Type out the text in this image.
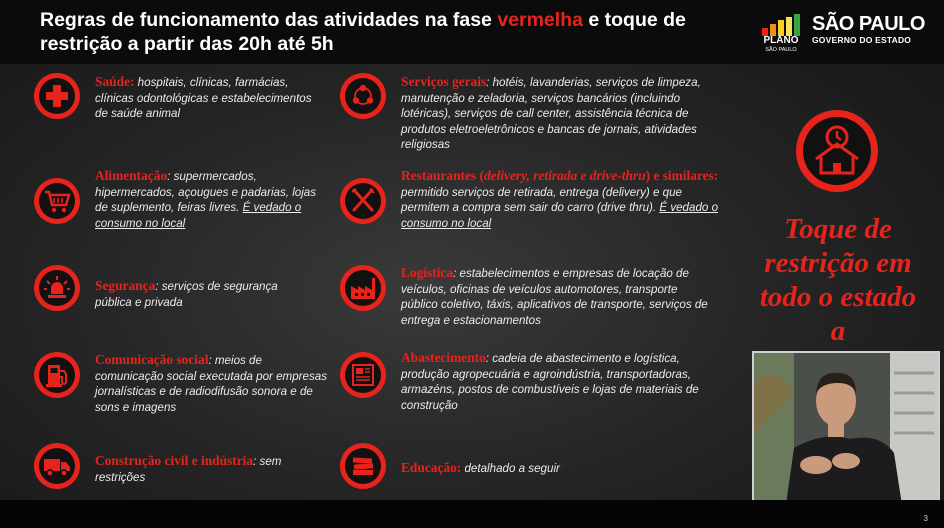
Regras de funcionamento das atividades na fase vermelha e toque de restrição a partir das 20h até 5h	PLANO
SÃO PAULO
SÃO PAULO
GOVERNO DO ESTADO
Saúde: hospitais, clínicas, farmácias, clínicas odontológicas e estabelecimentos de saúde animal
Alimentação: supermercados, hipermercados, açougues e padarias, lojas de suplemento, feiras livres. É vedado o consumo no local
Segurança: serviços de segurança pública e privada
Comunicação social: meios de comunicação social executada por empresas jornalísticas e de radiodifusão sonora e de sons e imagens
Construção civil e indústria: sem restrições
Serviços gerais: hotéis, lavanderias, serviços de limpeza, manutenção e zeladoria, serviços bancários (incluindo lotéricas), serviços de call center, assistência técnica de produtos eletroeletrônicos e bancas de jornais, atividades religiosas
Restaurantes (delivery, retirada e drive-thru) e similares: permitido serviços de retirada, entrega (delivery) e que permitem a compra sem sair do carro (drive thru). É vedado o consumo no local
Logística: estabelecimentos e empresas de locação de veículos, oficinas de veículos automotores, transporte público coletivo, táxis, aplicativos de transporte, serviços de entrega e estacionamentos
Abastecimento: cadeia de abastecimento e logística, produção agropecuária e agroindústria, transportadoras, armazéns, postos de combustíveis e lojas de materiais de construção
Educação: detalhado a seguir
Toque de restrição em todo o estado a
3
